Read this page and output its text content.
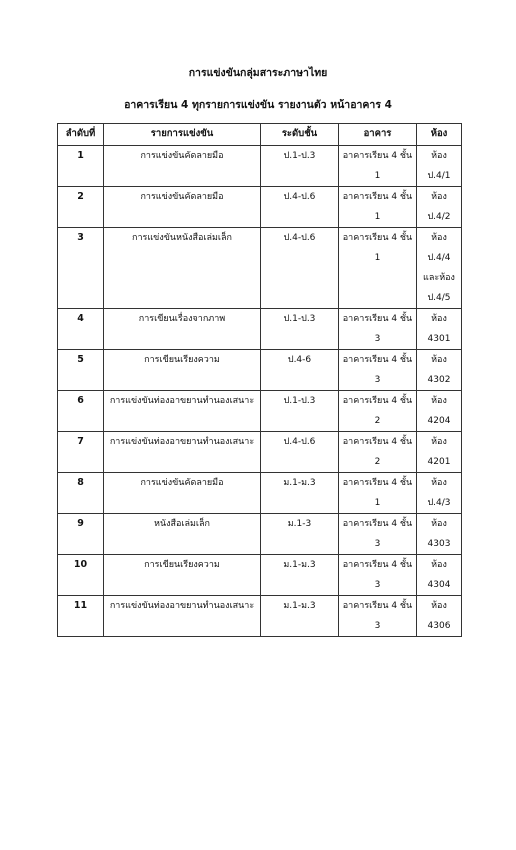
การแข่งขันกลุ่มสาระภาษาไทย
อาคารเรียน 4 ทุกรายการแข่งขัน รายงานตัว หน้าอาคาร 4
ลำดับที่	รายการแข่งขัน	ระดับชั้น	อาคาร	ห้อง
1	การแข่งขันคัดลายมือ	ป.1-ป.3	อาคารเรียน 4 ชั้น 1	ห้อง ป.4/1
2	การแข่งขันคัดลายมือ	ป.4-ป.6	อาคารเรียน 4 ชั้น 1	ห้อง ป.4/2
3	การแข่งขันหนังสือเล่มเล็ก	ป.4-ป.6	อาคารเรียน 4 ชั้น 1	ห้อง ป.4/4 และห้อง ป.4/5
4	การเขียนเรื่องจากภาพ	ป.1-ป.3	อาคารเรียน 4 ชั้น 3	ห้อง 4301
5	การเขียนเรียงความ	ป.4-6	อาคารเรียน 4 ชั้น 3	ห้อง 4302
6	การแข่งขันท่องอาขยานทำนองเสนาะ	ป.1-ป.3	อาคารเรียน 4 ชั้น 2	ห้อง 4204
7	การแข่งขันท่องอาขยานทำนองเสนาะ	ป.4-ป.6	อาคารเรียน 4 ชั้น 2	ห้อง 4201
8	การแข่งขันคัดลายมือ	ม.1-ม.3	อาคารเรียน 4 ชั้น 1	ห้อง ป.4/3
9	หนังสือเล่มเล็ก	ม.1-3	อาคารเรียน 4 ชั้น 3	ห้อง 4303
10	การเขียนเรียงความ	ม.1-ม.3	อาคารเรียน 4 ชั้น 3	ห้อง 4304
11	การแข่งขันท่องอาขยานทำนองเสนาะ	ม.1-ม.3	อาคารเรียน 4 ชั้น 3	ห้อง 4306
